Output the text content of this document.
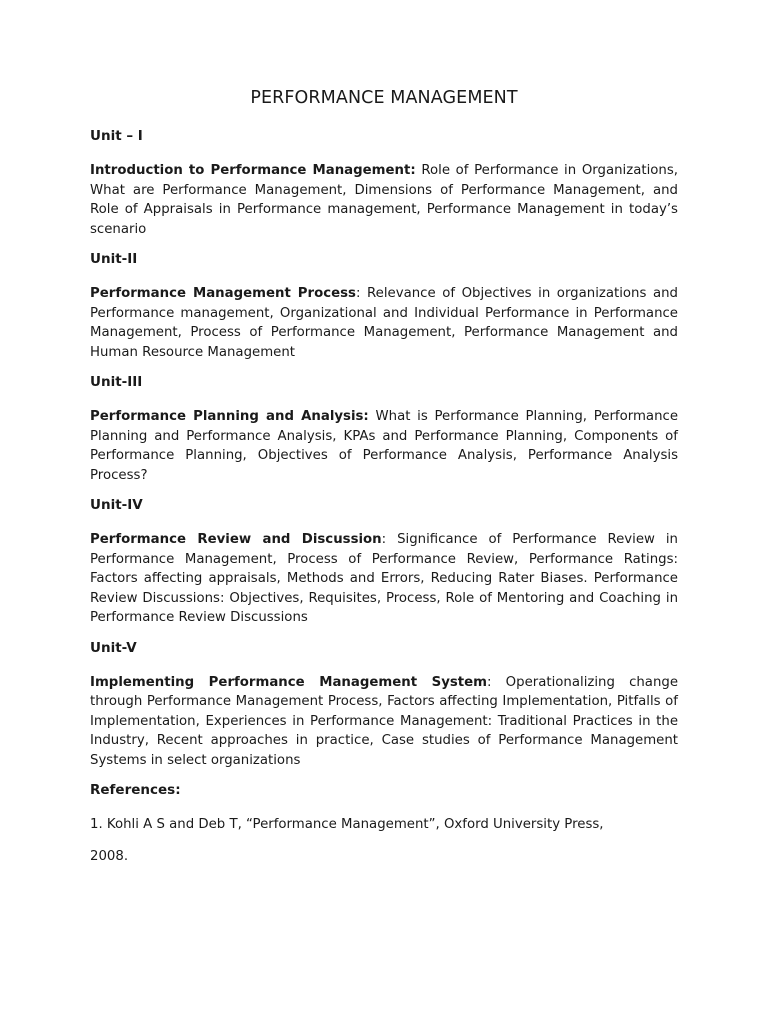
PERFORMANCE MANAGEMENT
Unit – I
Introduction to Performance Management: Role of Performance in Organizations, What are Performance Management, Dimensions of Performance Management, and Role of Appraisals in Performance management, Performance Management in today’s scenario
Unit-II
Performance Management Process: Relevance of Objectives in organizations and Performance management, Organizational and Individual Performance in Performance Management, Process of Performance Management, Performance Management and Human Resource Management
Unit-III
Performance Planning and Analysis: What is Performance Planning, Performance Planning and Performance Analysis, KPAs and Performance Planning, Components of Performance Planning, Objectives of Performance Analysis, Performance Analysis Process?
Unit-IV
Performance Review and Discussion: Significance of Performance Review in Performance Management, Process of Performance Review, Performance Ratings: Factors affecting appraisals, Methods and Errors, Reducing Rater Biases. Performance Review Discussions: Objectives, Requisites, Process, Role of Mentoring and Coaching in Performance Review Discussions
Unit-V
Implementing Performance Management System: Operationalizing change through Performance Management Process, Factors affecting Implementation, Pitfalls of Implementation, Experiences in Performance Management: Traditional Practices in the Industry, Recent approaches in practice, Case studies of Performance Management Systems in select organizations
References:
1. Kohli A S and Deb T, “Performance Management”, Oxford University Press,
2008.
